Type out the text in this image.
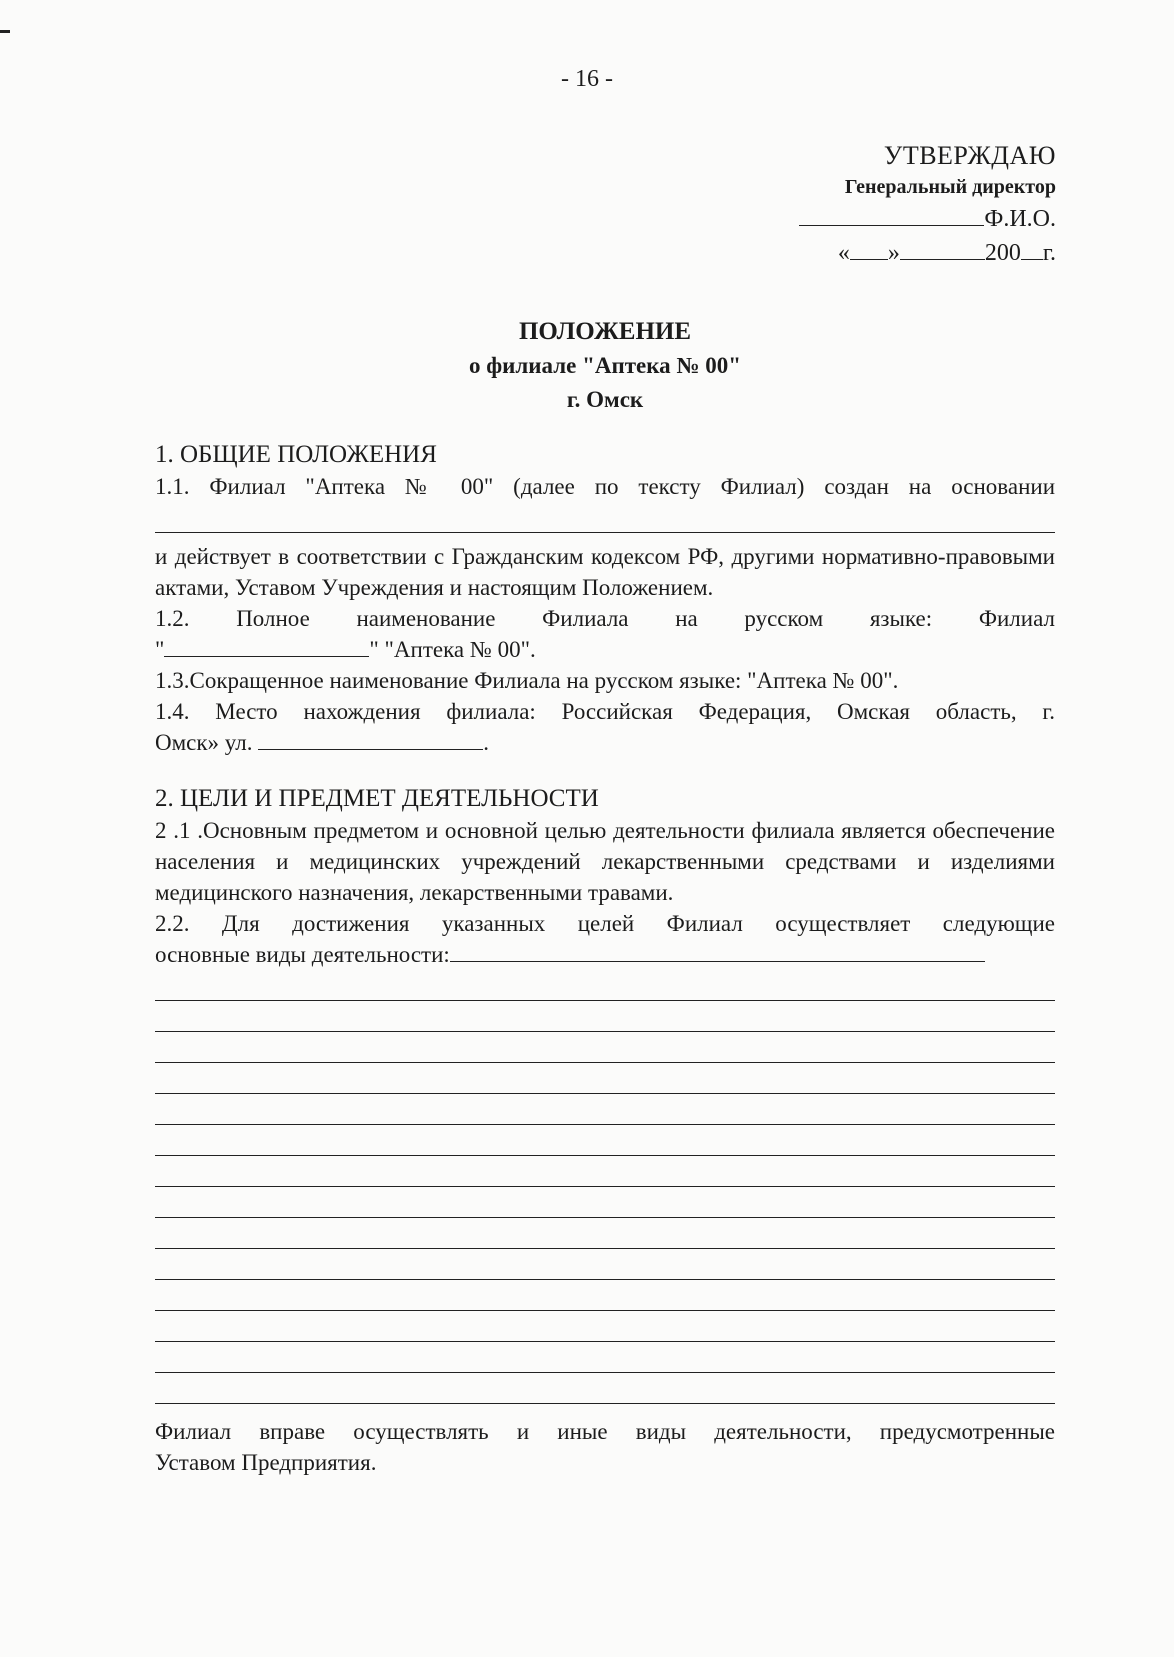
- 16 -
УТВЕРЖДАЮ
Генеральный директор
Ф.И.О.
« »	200 г.
ПОЛОЖЕНИЕ
о филиале "Аптека № 00"
г. Омск
1. ОБЩИЕ ПОЛОЖЕНИЯ
1.1. Филиал "Аптека № 00" (далее по тексту Филиал) создан на основании
и действует в соответствии с Гражданским кодексом РФ, другими нормативно-правовыми актами, Уставом Учреждения и настоящим Положением.
1.2. Полное наименование Филиала на русском языке: Филиал
"	" "Аптека № 00".
1.3.Сокращенное наименование Филиала на русском языке: "Аптека № 00".
1.4. Место нахождения филиала: Российская Федерация, Омская область, г.
Омск» ул.	.
2. ЦЕЛИ И ПРЕДМЕТ ДЕЯТЕЛЬНОСТИ
2 .1 .Основным предметом и основной целью деятельности филиала является обеспечение населения и медицинских учреждений лекарственными средствами и изделиями медицинского назначения, лекарственными травами.
2.2. Для достижения указанных целей Филиал осуществляет следующие
основные виды деятельности:
Филиал вправе осуществлять и иные виды деятельности, предусмотренные
Уставом Предприятия.
